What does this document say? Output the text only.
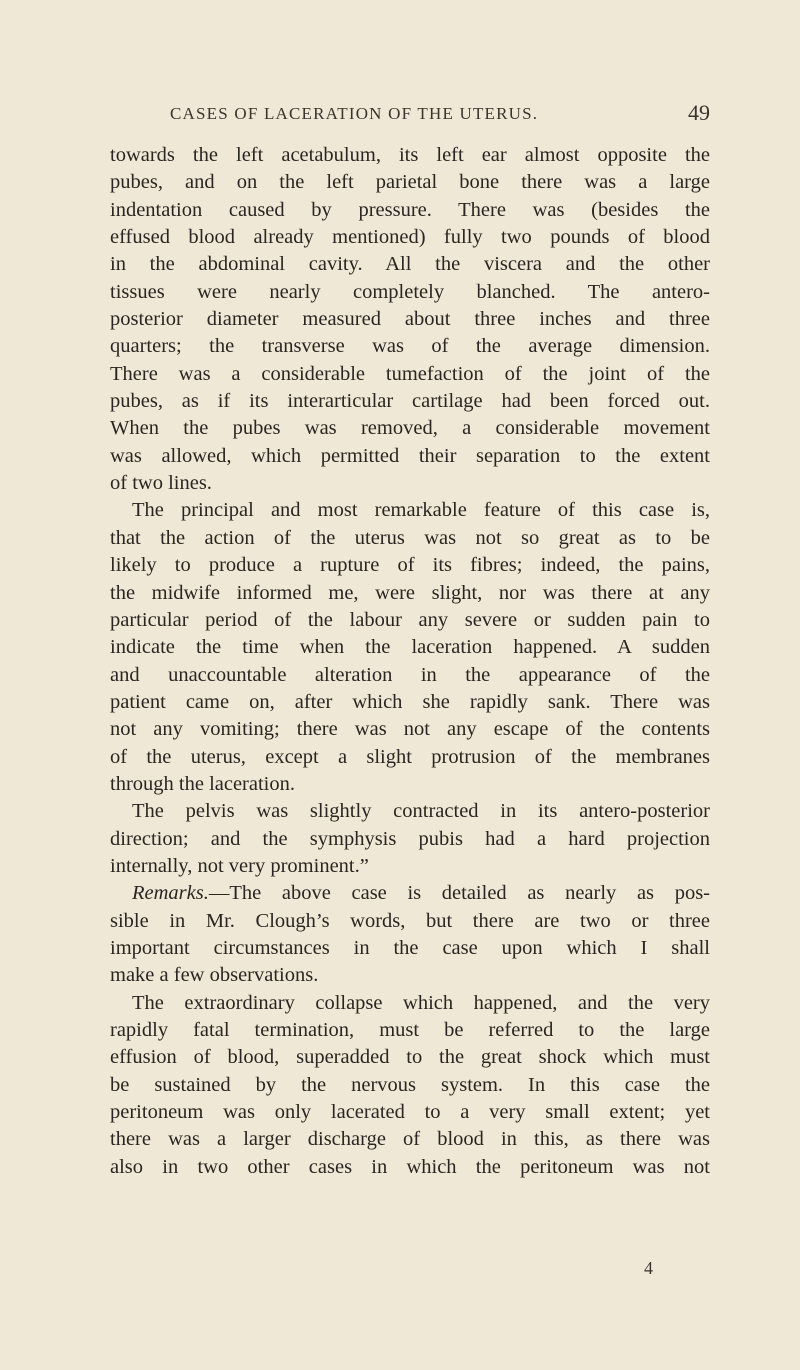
CASES OF LACERATION OF THE UTERUS.	49
towards the left acetabulum, its left ear almost opposite the
pubes, and on the left parietal bone there was a large
indentation caused by pressure. There was (besides the
effused blood already mentioned) fully two pounds of blood
in the abdominal cavity. All the viscera and the other
tissues were nearly completely blanched. The antero-
posterior diameter measured about three inches and three
quarters; the transverse was of the average dimension.
There was a considerable tumefaction of the joint of the
pubes, as if its interarticular cartilage had been forced out.
When the pubes was removed, a considerable movement
was allowed, which permitted their separation to the extent
of two lines.
The principal and most remarkable feature of this case is,
that the action of the uterus was not so great as to be
likely to produce a rupture of its fibres; indeed, the pains,
the midwife informed me, were slight, nor was there at any
particular period of the labour any severe or sudden pain to
indicate the time when the laceration happened. A sudden
and unaccountable alteration in the appearance of the
patient came on, after which she rapidly sank. There was
not any vomiting; there was not any escape of the contents
of the uterus, except a slight protrusion of the membranes
through the laceration.
The pelvis was slightly contracted in its antero-posterior
direction; and the symphysis pubis had a hard projection
internally, not very prominent.”
Remarks.—The above case is detailed as nearly as pos-
sible in Mr. Clough’s words, but there are two or three
important circumstances in the case upon which I shall
make a few observations.
The extraordinary collapse which happened, and the very
rapidly fatal termination, must be referred to the large
effusion of blood, superadded to the great shock which must
be sustained by the nervous system. In this case the
peritoneum was only lacerated to a very small extent; yet
there was a larger discharge of blood in this, as there was
also in two other cases in which the peritoneum was not
4
